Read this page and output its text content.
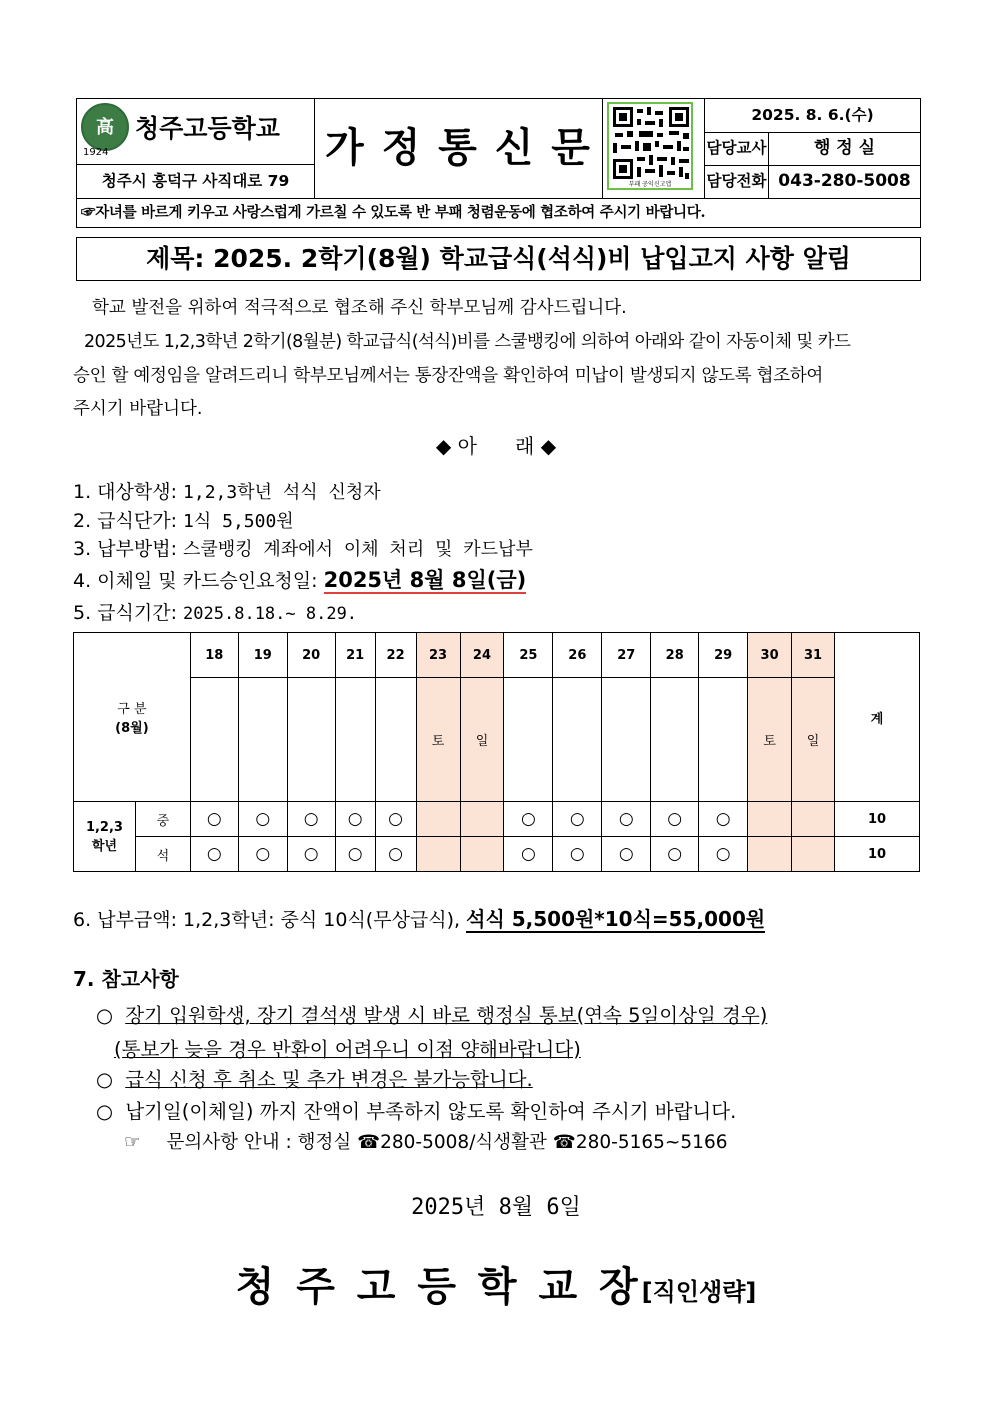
高
1924
청주고등학교
청주시 흥덕구 사직대로 79
가 정 통 신 문
부패 공익신고앱
2025. 8. 6.(수)
담당교사	행 정 실
담당전화 043-280-5008
☞자녀를 바르게 키우고 사랑스럽게 가르칠 수 있도록 반 부패 청렴운동에 협조하여 주시기 바랍니다.
제목: 2025. 2학기(8월) 학교급식(석식)비 납입고지 사항 알림
학교 발전을 위하여 적극적으로 협조해 주신 학부모님께 감사드립니다.
2025년도 1,2,3학년 2학기(8월분) 학교급식(석식)비를 스쿨뱅킹에 의하여 아래와 같이 자동이체 및 카드
승인 할 예정임을 알려드리니 학부모님께서는 통장잔액을 확인하여 미납이 발생되지 않도록 협조하여
주시기 바랍니다.
◆ 아      래 ◆
1. 대상학생: 1,2,3학년 석식 신청자
2. 급식단가: 1식 5,500원
3. 납부방법: 스쿨뱅킹 계좌에서 이체 처리 및 카드납부
4. 이체일 및 카드승인요청일: 2025년 8월 8일(금)
5. 급식기간: 2025.8.18.~ 8.29.
구 분
(8월)		18	19	20	21	22	23	24	25	26	27	28	29	30	31	계
							토	일						토	일	

1,2,3
학년	중	○	○	○	○	○			○	○	○	○	○			10
	석	○	○	○	○	○			○	○	○	○	○			10
6. 납부금액: 1,2,3학년: 중식 10식(무상급식), 석식 5,500원*10식=55,000원
7. 참고사항
○ 장기 입원학생, 장기 결석생 발생 시 바로 행정실 통보(연속 5일이상일 경우)
(통보가 늦을 경우 반환이 어려우니 이점 양해바랍니다)
○ 급식 신청 후 취소 및 추가 변경은 불가능합니다.
○ 납기일(이체일) 까지 잔액이 부족하지 않도록 확인하여 주시기 바랍니다.
☞ 문의사항 안내 : 행정실 ☎280-5008/식생활관 ☎280-5165~5166
2025년 8월 6일
청 주 고 등 학 교 장[직인생략]
